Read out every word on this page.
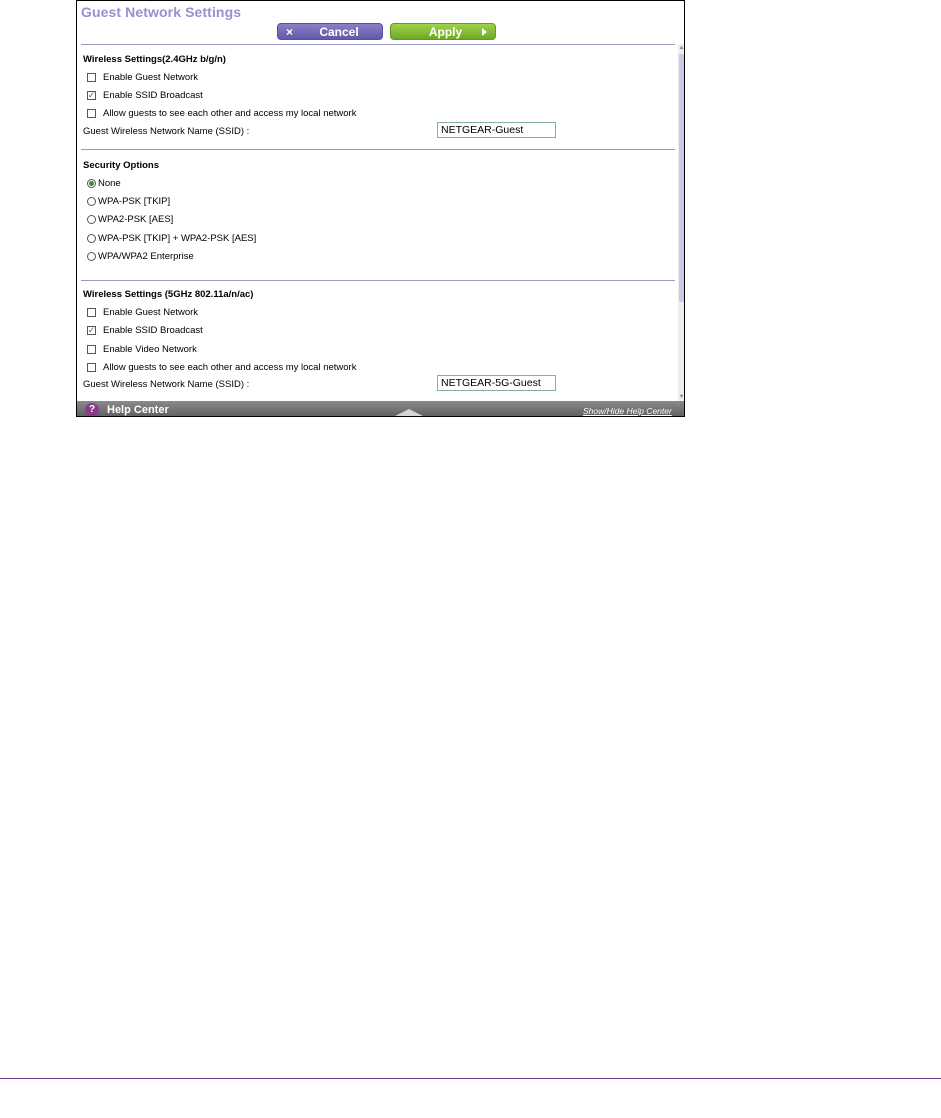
Guest Network Settings
×	Cancel	Apply
Wireless Settings(2.4GHz b/g/n)
Enable Guest Network
✓ Enable SSID Broadcast
Allow guests to see each other and access my local network
Guest Wireless Network Name (SSID) :
NETGEAR-Guest
Security Options
None
WPA-PSK [TKIP]
WPA2-PSK [AES]
WPA-PSK [TKIP] + WPA2-PSK [AES]
WPA/WPA2 Enterprise
Wireless Settings (5GHz 802.11a/n/ac)
Enable Guest Network
✓ Enable SSID Broadcast
Enable Video Network
Allow guests to see each other and access my local network
Guest Wireless Network Name (SSID) :
NETGEAR-5G-Guest
▲
▼
?	Help Center	Show/Hide Help Center
